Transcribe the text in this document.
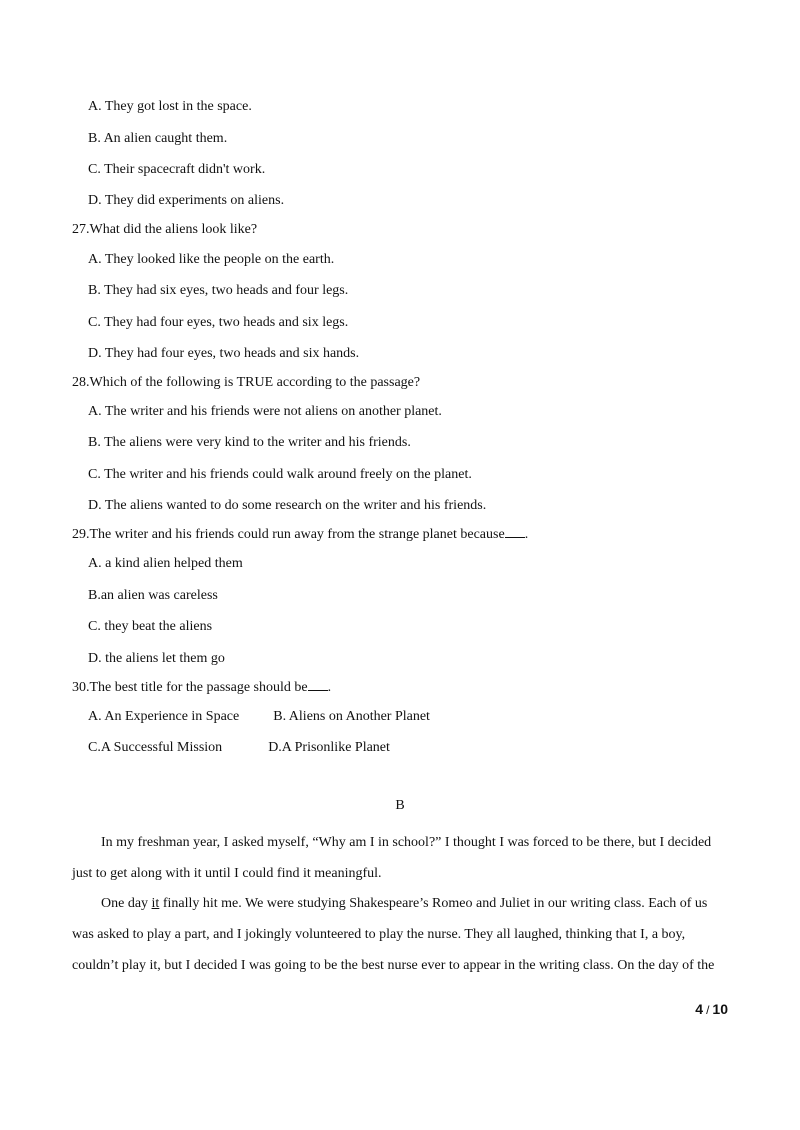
A. They got lost in the space.
B. An alien caught them.
C. Their spacecraft didn't work.
D. They did experiments on aliens.
27.What did the aliens look like?
A. They looked like the people on the earth.
B. They had six eyes, two heads and four legs.
C. They had four eyes, two heads and six legs.
D. They had four eyes, two heads and six hands.
28.Which of the following is TRUE according to the passage?
A. The writer and his friends were not aliens on another planet.
B. The aliens were very kind to the writer and his friends.
C. The writer and his friends could walk around freely on the planet.
D. The aliens wanted to do some research on the writer and his friends.
29.The writer and his friends could run away from the strange planet because .
A. a kind alien helped them
B.an alien was careless
C. they beat the aliens
D. the aliens let them go
30.The best title for the passage should be .
A. An Experience in Space B. Aliens on Another Planet
C.A Successful Mission	D.A Prisonlike Planet
B
In my freshman year, I asked myself, “Why am I in school?” I thought I was forced to be there, but I decided just to get along with it until I could find it meaningful.
One day it finally hit me. We were studying Shakespeare’s Romeo and Juliet in our writing class. Each of us was asked to play a part, and I jokingly volunteered to play the nurse. They all laughed, thinking that I, a boy, couldn’t play it, but I decided I was going to be the best nurse ever to appear in the writing class. On the day of the
4 / 10
